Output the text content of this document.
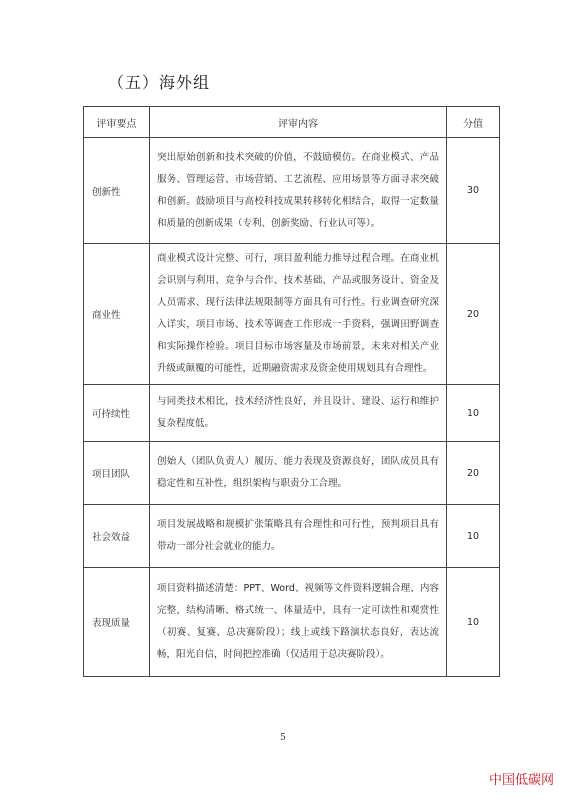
（五）海外组
评审要点	评审内容	分值
创新性	突出原始创新和技术突破的价值，不鼓励模仿。在商业模式、产品服务、管理运营、市场营销、工艺流程、应用场景等方面寻求突破和创新。鼓励项目与高校科技成果转移转化相结合，取得一定数量和质量的创新成果（专利、创新奖励、行业认可等）。	30
商业性	商业模式设计完整、可行，项目盈利能力推导过程合理。在商业机会识别与利用、竞争与合作、技术基础、产品或服务设计、资金及人员需求、现行法律法规限制等方面具有可行性。行业调查研究深入详实，项目市场、技术等调查工作形成一手资料，强调田野调查和实际操作检验。项目目标市场容量及市场前景，未来对相关产业升级或颠覆的可能性，近期融资需求及资金使用规划具有合理性。	20
可持续性	与同类技术相比，技术经济性良好，并且设计、建设、运行和维护复杂程度低。	10
项目团队	创始人（团队负责人）履历、能力表现及资源良好，团队成员具有稳定性和互补性，组织架构与职责分工合理。	20
社会效益	项目发展战略和规模扩张策略具有合理性和可行性，预判项目具有带动一部分社会就业的能力。	10
表现质量	项目资料描述清楚：PPT、Word、视频等文件资料逻辑合理、内容完整，结构清晰、格式统一、体量适中，具有一定可读性和观赏性（初赛、复赛、总决赛阶段）；线上或线下路演状态良好，表达流畅，阳光自信，时间把控准确（仅适用于总决赛阶段）。	10
5
中国低碳网
